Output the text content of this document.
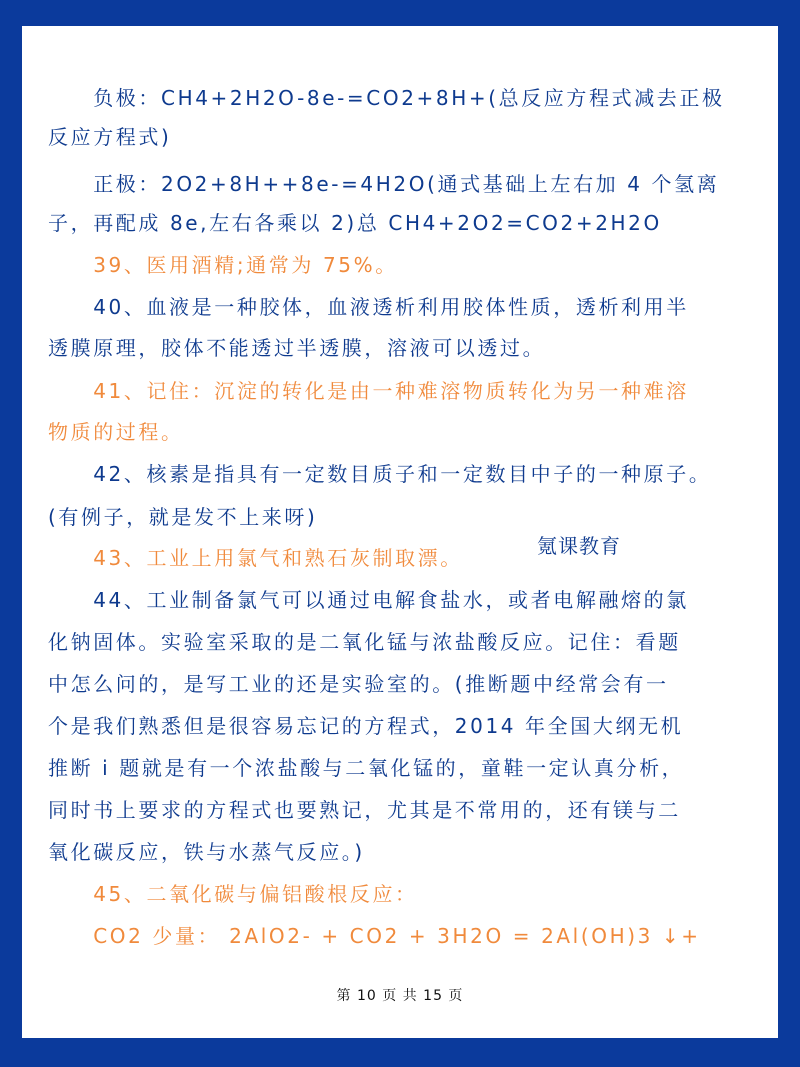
　　负极：CH4+2H2O-8e-=CO2+8H+(总反应方程式减去正极
反应方程式)
　　正极：2O2+8H++8e-=4H2O(通式基础上左右加 4 个氢离
子，再配成 8e,左右各乘以 2)总 CH4+2O2=CO2+2H2O
　　39、医用酒精;通常为 75%。
　　40、血液是一种胶体，血液透析利用胶体性质，透析利用半
透膜原理，胶体不能透过半透膜，溶液可以透过。
　　41、记住：沉淀的转化是由一种难溶物质转化为另一种难溶
物质的过程。
　　42、核素是指具有一定数目质子和一定数目中子的一种原子。
(有例子，就是发不上来呀)
　　43、工业上用氯气和熟石灰制取漂。
　　44、工业制备氯气可以通过电解食盐水，或者电解融熔的氯
化钠固体。实验室采取的是二氧化锰与浓盐酸反应。记住：看题
中怎么问的，是写工业的还是实验室的。(推断题中经常会有一
个是我们熟悉但是很容易忘记的方程式，2014 年全国大纲无机
推断 i 题就是有一个浓盐酸与二氧化锰的，童鞋一定认真分析，
同时书上要求的方程式也要熟记，尤其是不常用的，还有镁与二
氧化碳反应，铁与水蒸气反应。)
　　45、二氧化碳与偏铝酸根反应：
　　CO2 少量： 2AlO2- + CO2 + 3H2O = 2Al(OH)3 ↓+
氪课教育
第 10 页 共 15 页
